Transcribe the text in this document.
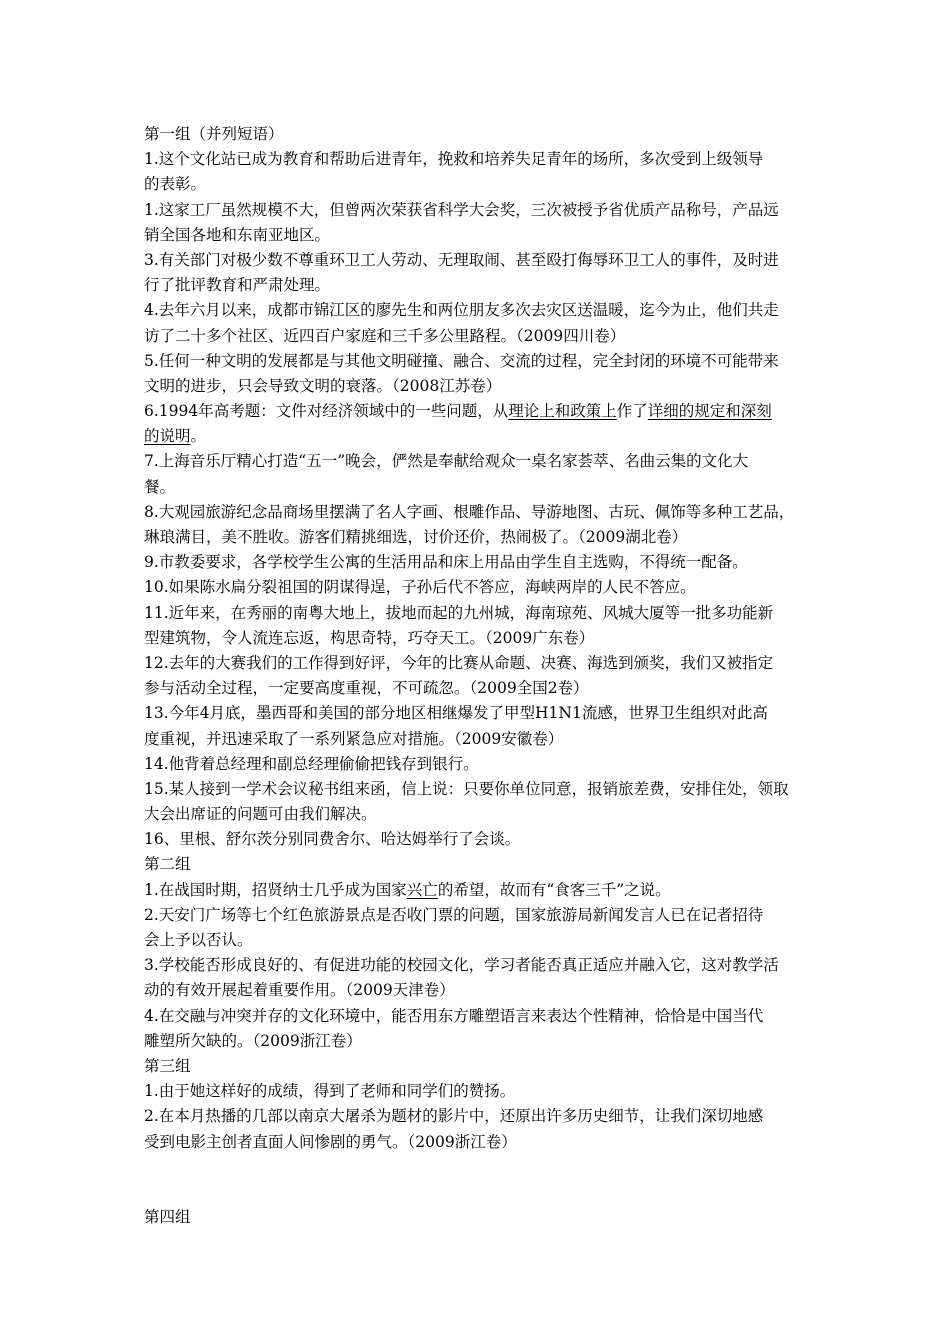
第一组（并列短语）
1.这个文化站已成为教育和帮助后进青年，挽救和培养失足青年的场所，多次受到上级领导
的表彰。
1.这家工厂虽然规模不大，但曾两次荣获省科学大会奖，三次被授予省优质产品称号，产品远
销全国各地和东南亚地区。
3.有关部门对极少数不尊重环卫工人劳动、无理取闹、甚至殴打侮辱环卫工人的事件，及时进
行了批评教育和严肃处理。
4.去年六月以来，成都市锦江区的廖先生和两位朋友多次去灾区送温暖，迄今为止，他们共走
访了二十多个社区、近四百户家庭和三千多公里路程。（2009四川卷）
5.任何一种文明的发展都是与其他文明碰撞、融合、交流的过程，完全封闭的环境不可能带来
文明的进步，只会导致文明的衰落。（2008江苏卷）
6.1994年高考题：文件对经济领域中的一些问题，从理论上和政策上作了详细的规定和深刻
的说明。
7.上海音乐厅精心打造“五一”晚会，俨然是奉献给观众一桌名家荟萃、名曲云集的文化大
餐。
8.大观园旅游纪念品商场里摆满了名人字画、根雕作品、导游地图、古玩、佩饰等多种工艺品，
琳琅满目，美不胜收。游客们精挑细选，讨价还价，热闹极了。（2009湖北卷）
9.市教委要求，各学校学生公寓的生活用品和床上用品由学生自主选购，不得统一配备。
10.如果陈水扁分裂祖国的阴谋得逞，子孙后代不答应，海峡两岸的人民不答应。
11.近年来，在秀丽的南粤大地上，拔地而起的九州城，海南琼苑、风城大厦等一批多功能新
型建筑物，令人流连忘返，构思奇特，巧夺天工。（2009广东卷）
12.去年的大赛我们的工作得到好评，今年的比赛从命题、决赛、海选到颁奖，我们又被指定
参与活动全过程，一定要高度重视，不可疏忽。（2009全国2卷）
13.今年4月底，墨西哥和美国的部分地区相继爆发了甲型H1N1流感，世界卫生组织对此高
度重视，并迅速采取了一系列紧急应对措施。（2009安徽卷）
14.他背着总经理和副总经理偷偷把钱存到银行。
15.某人接到一学术会议秘书组来函，信上说：只要你单位同意，报销旅差费，安排住处，领取
大会出席证的问题可由我们解决。
16、里根、舒尔茨分别同费舍尔、哈达姆举行了会谈。
第二组
1.在战国时期，招贤纳士几乎成为国家兴亡的希望，故而有“食客三千”之说。
2.天安门广场等七个红色旅游景点是否收门票的问题，国家旅游局新闻发言人已在记者招待
会上予以否认。
3.学校能否形成良好的、有促进功能的校园文化，学习者能否真正适应并融入它，这对教学活
动的有效开展起着重要作用。（2009天津卷）
4.在交融与冲突并存的文化环境中，能否用东方雕塑语言来表达个性精神，恰恰是中国当代
雕塑所欠缺的。（2009浙江卷）
第三组
1.由于她这样好的成绩，得到了老师和同学们的赞扬。
2.在本月热播的几部以南京大屠杀为题材的影片中，还原出许多历史细节，让我们深切地感
受到电影主创者直面人间惨剧的勇气。（2009浙江卷）
第四组
